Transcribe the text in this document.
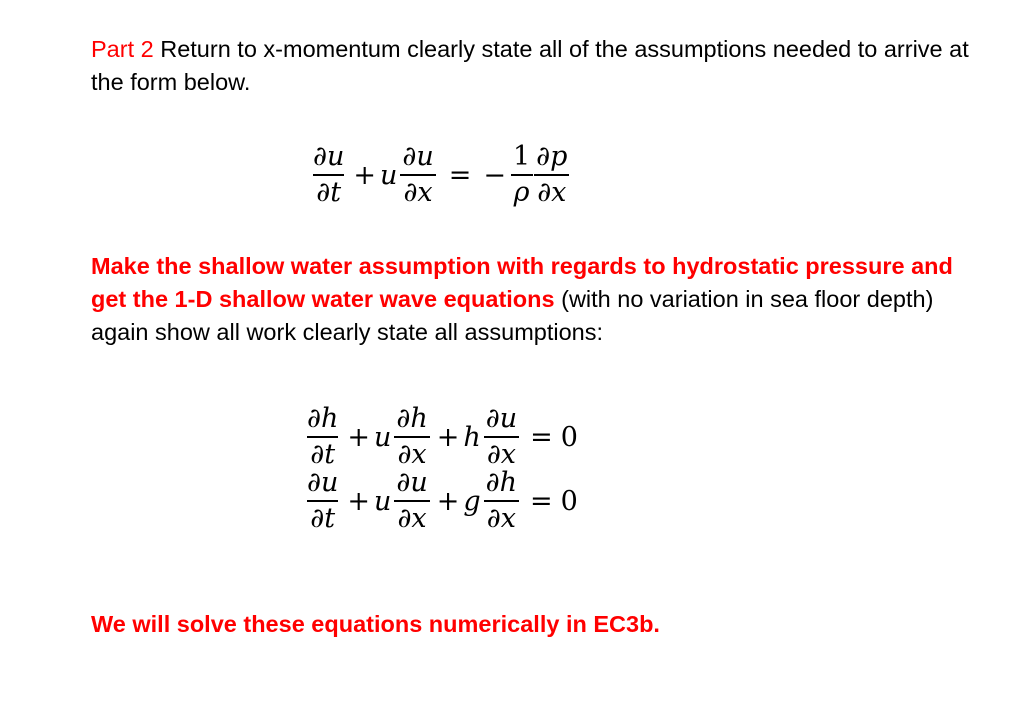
Part 2 Return to x-momentum clearly state all of the assumptions needed to arrive at the form below.

$\frac{\partial u}{\partial t} + u \frac{\partial u}{\partial x}$ = − $\frac{1}{\rho} \frac{\partial p}{\partial x}$

Make the shallow water assumption with regards to hydrostatic pressure and get the 1-D shallow water wave equations (with no variation in sea floor depth) again show all work clearly state all assumptions:

$\frac{\partial h}{\partial t} + u \frac{\partial h}{\partial x} + h \frac{\partial u}{\partial x} = 0$
$\frac{\partial u}{\partial t} + u \frac{\partial u}{\partial x} + g \frac{\partial h}{\partial x} = 0$

We will solve these equations numerically in EC3b.
